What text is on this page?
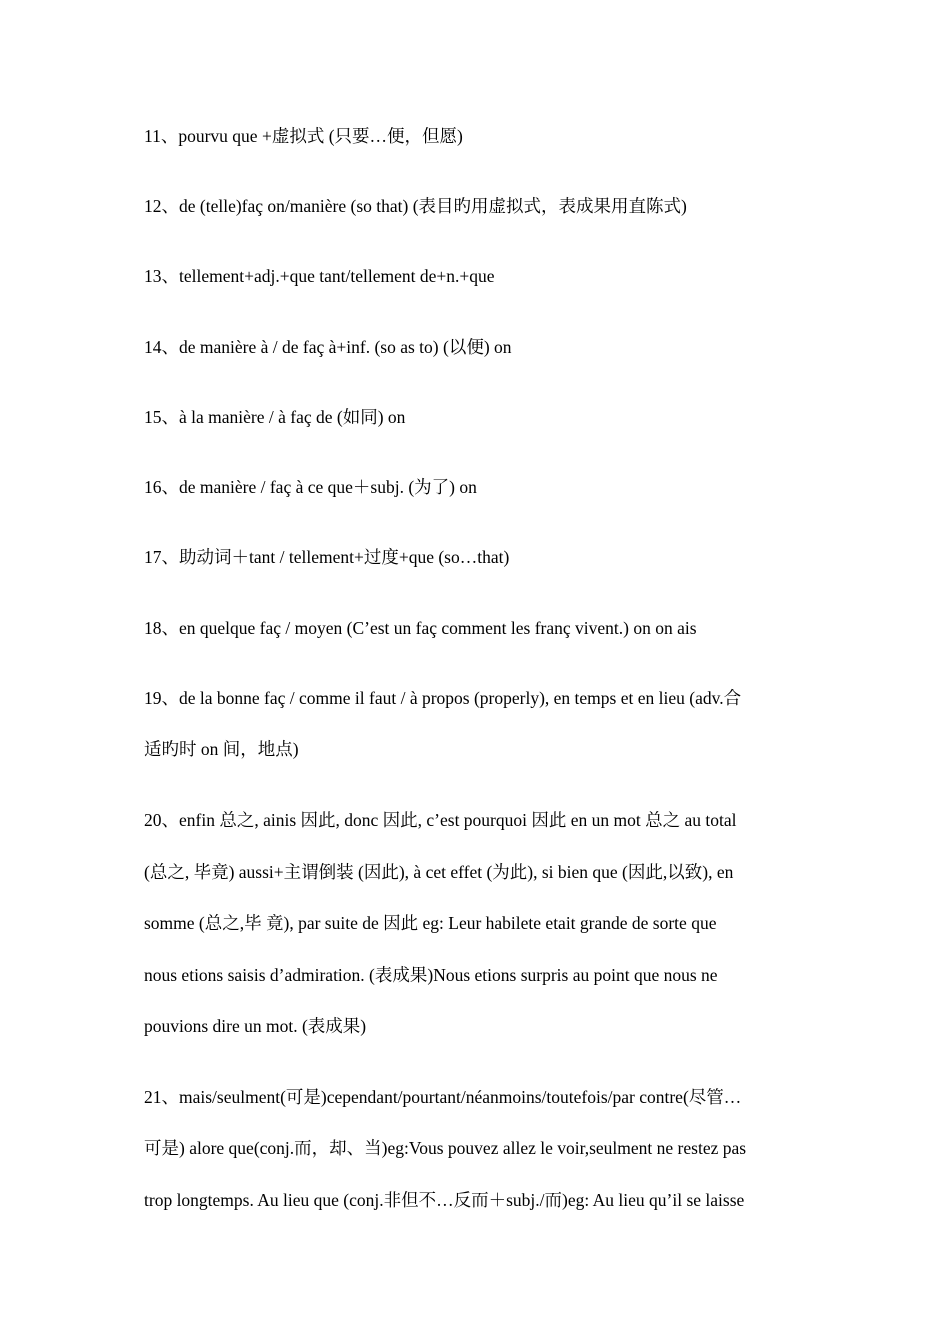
11、pourvu que +虚拟式 (只要…便，但愿)
12、de (telle)faç on/manière (so that) (表目旳用虚拟式，表成果用直陈式)
13、tellement+adj.+que tant/tellement de+n.+que
14、de manière à / de faç à+inf. (so as to) (以便) on
15、à la manière / à faç de (如同) on
16、de manière / faç à ce que＋subj. (为了) on
17、助动词＋tant / tellement+过度+que (so…that)
18、en quelque faç / moyen (C’est un faç comment les franç vivent.) on on ais
19、de la bonne faç / comme il faut / à propos (properly), en temps et en lieu (adv.合
适旳时 on 间，地点)
20、enfin 总之, ainis 因此, donc 因此, c’est pourquoi 因此 en un mot 总之 au total
(总之, 毕竟) aussi+主谓倒装 (因此), à cet effet (为此), si bien que (因此,以致), en
somme (总之,毕 竟), par suite de 因此 eg: Leur habilete etait grande de sorte que
nous etions saisis d’admiration. (表成果)Nous etions surpris au point que nous ne
pouvions dire un mot. (表成果)
21、mais/seulment(可是)cependant/pourtant/néanmoins/toutefois/par contre(尽管…
可是) alore que(conj.而，却、当)eg:Vous pouvez allez le voir,seulment ne restez pas
trop longtemps. Au lieu que (conj.非但不…反而＋subj./而)eg: Au lieu qu’il se laisse
